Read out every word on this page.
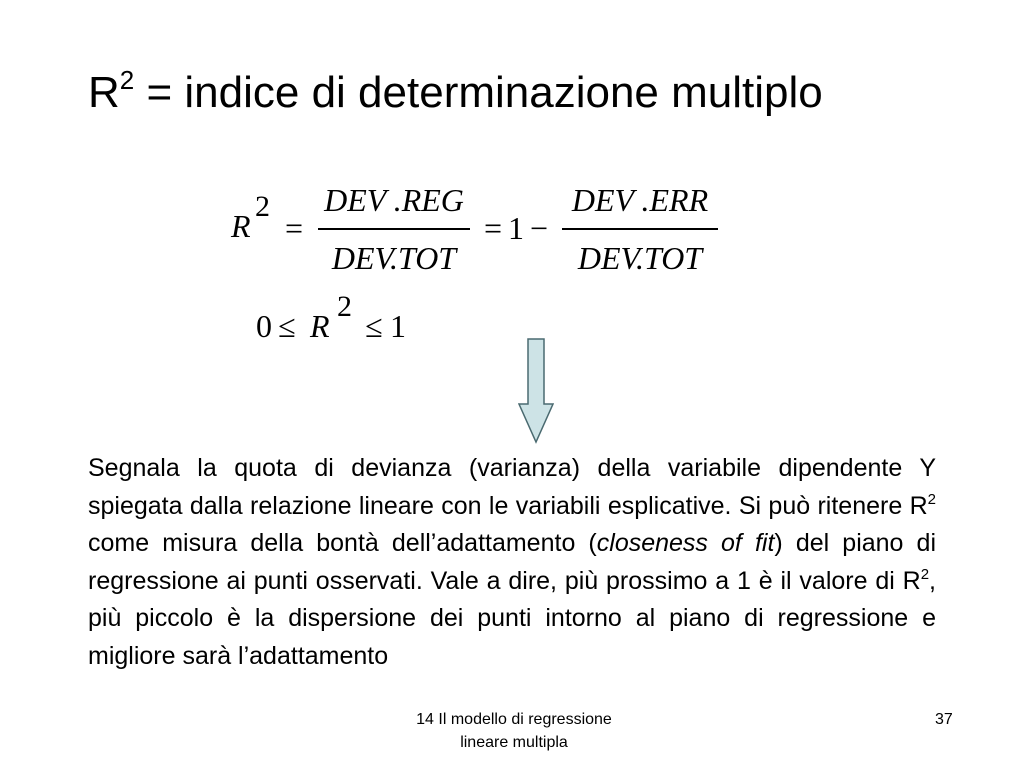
$R^2$ = indice di determinazione multiplo
R
2
=
DEV .REG
DEV.TOT
= 1 −
DEV .ERR
DEV.TOT
0 ≤ R
2
≤ 1
Segnala la quota di devianza (varianza) della variabile dipendente Y spiegata dalla relazione lineare con le variabili esplicative. Si può ritenere $R^2$ come misura della bontà dell’adattamento (closeness of fit) del piano di regressione ai punti osservati. Vale a dire, più prossimo a 1 è il valore di $R^2$, più piccolo è la dispersione dei punti intorno al piano di regressione e migliore sarà l’adattamento
14 Il modello di regressione
lineare multipla
37
